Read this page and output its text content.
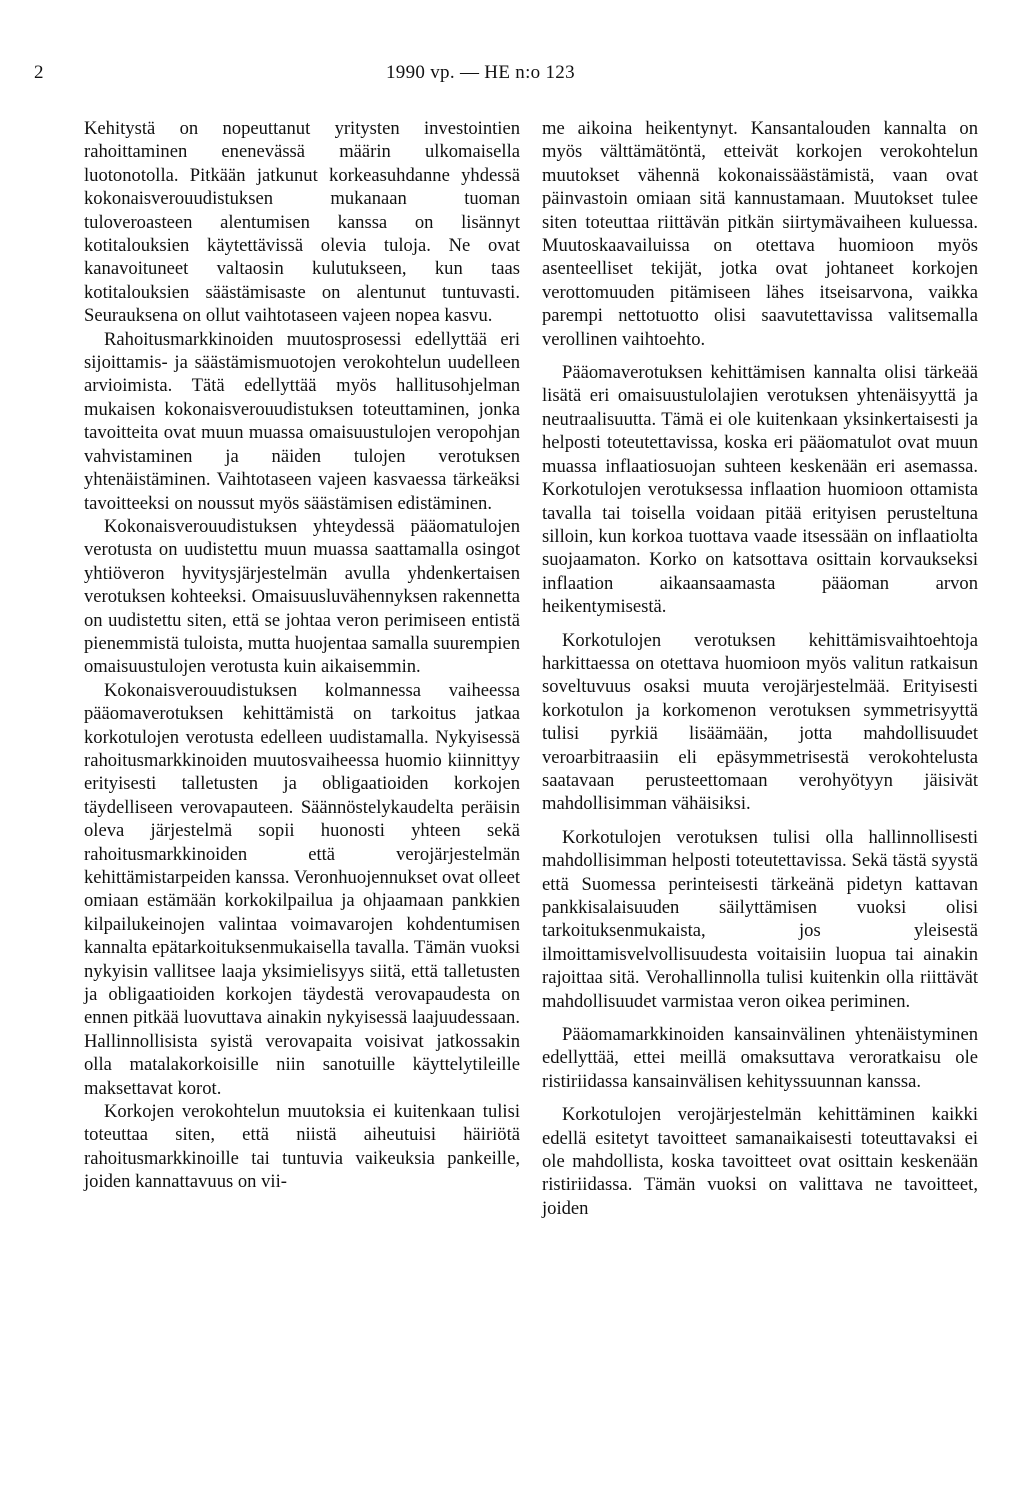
2	1990 vp. — HE n:o 123

Kehitystä on nopeuttanut yritysten investointien rahoittaminen enenevässä määrin ulkomaisella luotonotolla. Pitkään jatkunut korkeasuhdanne yhdessä kokonaisverouudistuksen mukanaan tuoman tuloveroasteen alentumisen kanssa on lisännyt kotitalouksien käytettävissä olevia tuloja. Ne ovat kanavoituneet valtaosin kulutukseen, kun taas kotitalouksien säästämisaste on alentunut tuntuvasti. Seurauksena on ollut vaihtotaseen vajeen nopea kasvu.

Rahoitusmarkkinoiden muutosprosessi edellyttää eri sijoittamis- ja säästämismuotojen verokohtelun uudelleen arvioimista. Tätä edellyttää myös hallitusohjelman mukaisen kokonaisverouudistuksen toteuttaminen, jonka tavoitteita ovat muun muassa omaisuustulojen veropohjan vahvistaminen ja näiden tulojen verotuksen yhtenäistäminen. Vaihtotaseen vajeen kasvaessa tärkeäksi tavoitteeksi on noussut myös säästämisen edistäminen.

Kokonaisverouudistuksen yhteydessä pääomatulojen verotusta on uudistettu muun muassa saattamalla osingot yhtiöveron hyvitysjärjestelmän avulla yhdenkertaisen verotuksen kohteeksi. Omaisuusluvähennyksen rakennetta on uudistettu siten, että se johtaa veron perimiseen entistä pienemmistä tuloista, mutta huojentaa samalla suurempien omaisuustulojen verotusta kuin aikaisemmin.

Kokonaisverouudistuksen kolmannessa vaiheessa pääomaverotuksen kehittämistä on tarkoitus jatkaa korkotulojen verotusta edelleen uudistamalla. Nykyisessä rahoitusmarkkinoiden muutosvaiheessa huomio kiinnittyy erityisesti talletusten ja obligaatioiden korkojen täydelliseen verovapauteen. Säännöstelykaudelta peräisin oleva järjestelmä sopii huonosti yhteen sekä rahoitusmarkkinoiden että verojärjestelmän kehittämistarpeiden kanssa. Veronhuojennukset ovat olleet omiaan estämään korkokilpailua ja ohjaamaan pankkien kilpailukeinojen valintaa voimavarojen kohdentumisen kannalta epätarkoituksenmukaisella tavalla. Tämän vuoksi nykyisin vallitsee laaja yksimielisyys siitä, että talletusten ja obligaatioiden korkojen täydestä verovapaudesta on ennen pitkää luovuttava ainakin nykyisessä laajuudessaan. Hallinnollisista syistä verovapaita voisivat jatkossakin olla matalakorkoisille niin sanotuille käyttelytileille maksettavat korot.

Korkojen verokohtelun muutoksia ei kuitenkaan tulisi toteuttaa siten, että niistä aiheutuisi häiriötä rahoitusmarkkinoille tai tuntuvia vaikeuksia pankeille, joiden kannattavuus on vii-

me aikoina heikentynyt. Kansantalouden kannalta on myös välttämätöntä, etteivät korkojen verokohtelun muutokset vähennä kokonaissäästämistä, vaan ovat päinvastoin omiaan sitä kannustamaan. Muutokset tulee siten toteuttaa riittävän pitkän siirtymävaiheen kuluessa. Muutoskaavailuissa on otettava huomioon myös asenteelliset tekijät, jotka ovat johtaneet korkojen verottomuuden pitämiseen lähes itseisarvona, vaikka parempi nettotuotto olisi saavutettavissa valitsemalla verollinen vaihtoehto.

Pääomaverotuksen kehittämisen kannalta olisi tärkeää lisätä eri omaisuustulolajien verotuksen yhtenäisyyttä ja neutraalisuutta. Tämä ei ole kuitenkaan yksinkertaisesti ja helposti toteutettavissa, koska eri pääomatulot ovat muun muassa inflaatiosuojan suhteen keskenään eri asemassa. Korkotulojen verotuksessa inflaation huomioon ottamista tavalla tai toisella voidaan pitää erityisen perusteltuna silloin, kun korkoa tuottava vaade itsessään on inflaatiolta suojaamaton. Korko on katsottava osittain korvaukseksi inflaation aikaansaamasta pääoman arvon heikentymisestä.

Korkotulojen verotuksen kehittämisvaihtoehtoja harkittaessa on otettava huomioon myös valitun ratkaisun soveltuvuus osaksi muuta verojärjestelmää. Erityisesti korkotulon ja korkomenon verotuksen symmetrisyyttä tulisi pyrkiä lisäämään, jotta mahdollisuudet veroarbitraasiin eli epäsymmetrisestä verokohtelusta saatavaan perusteettomaan verohyötyyn jäisivät mahdollisimman vähäisiksi.

Korkotulojen verotuksen tulisi olla hallinnollisesti mahdollisimman helposti toteutettavissa. Sekä tästä syystä että Suomessa perinteisesti tärkeänä pidetyn kattavan pankkisalaisuuden säilyttämisen vuoksi olisi tarkoituksenmukaista, jos yleisestä ilmoittamisvelvollisuudesta voitaisiin luopua tai ainakin rajoittaa sitä. Verohallinnolla tulisi kuitenkin olla riittävät mahdollisuudet varmistaa veron oikea periminen.

Pääomamarkkinoiden kansainvälinen yhtenäistyminen edellyttää, ettei meillä omaksuttava veroratkaisu ole ristiriidassa kansainvälisen kehityssuunnan kanssa.

Korkotulojen verojärjestelmän kehittäminen kaikki edellä esitetyt tavoitteet samanaikaisesti toteuttavaksi ei ole mahdollista, koska tavoitteet ovat osittain keskenään ristiriidassa. Tämän vuoksi on valittava ne tavoitteet, joiden
